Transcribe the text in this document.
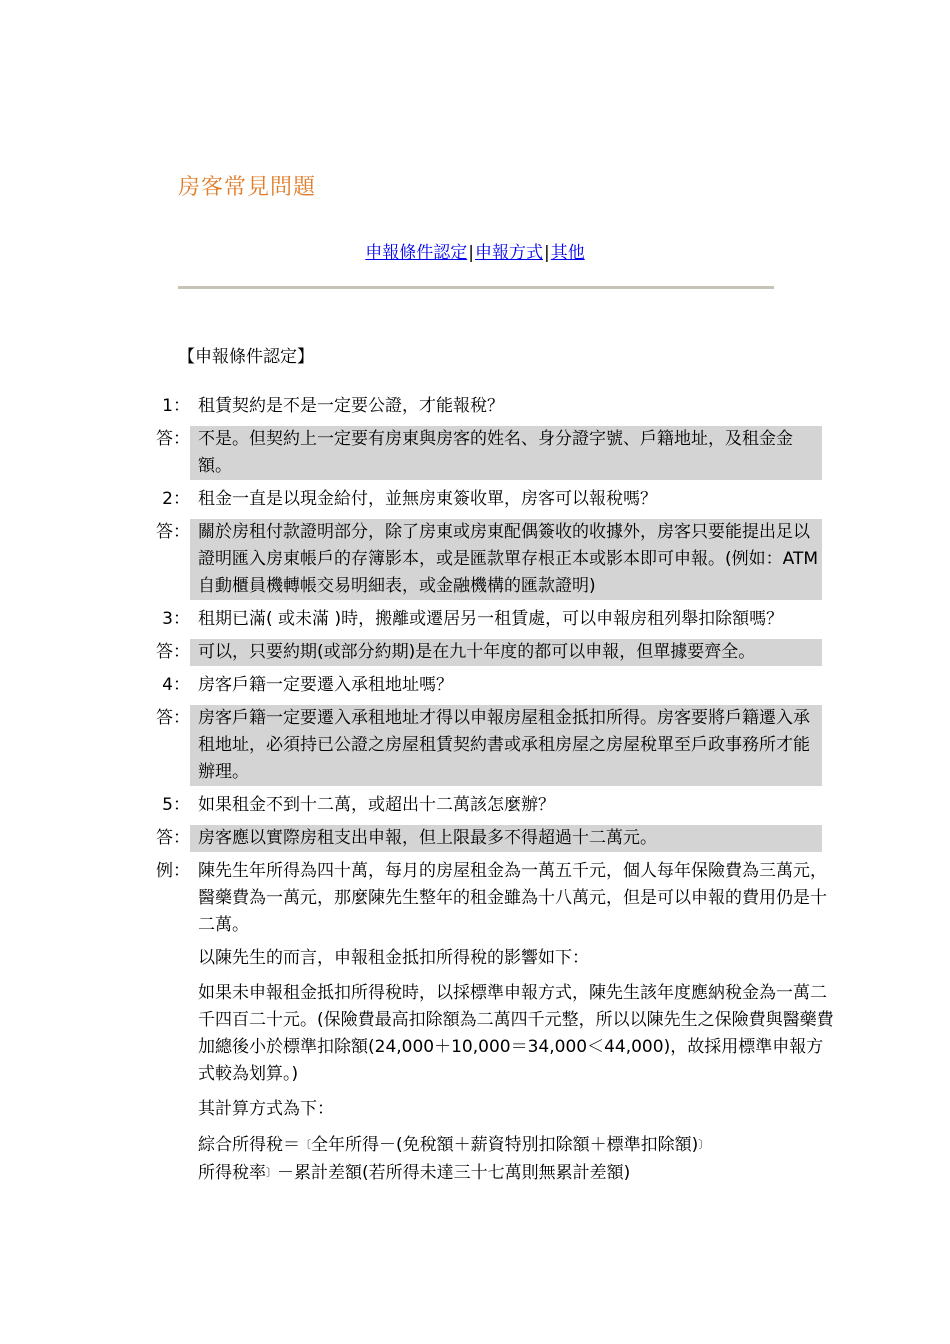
房客常見問題
申報條件認定|申報方式|其他
【申報條件認定】
1： 租賃契約是不是一定要公證，才能報稅？
答： 不是。但契約上一定要有房東與房客的姓名、身分證字號、戶籍地址，及租金金額。
2： 租金一直是以現金給付，並無房東簽收單，房客可以報稅嗎？
答： 關於房租付款證明部分，除了房東或房東配偶簽收的收據外，房客只要能提出足以證明匯入房東帳戶的存簿影本，或是匯款單存根正本或影本即可申報。(例如：ATM 自動櫃員機轉帳交易明細表，或金融機構的匯款證明)
3： 租期已滿( 或未滿 )時，搬離或遷居另一租賃處，可以申報房租列舉扣除額嗎？
答： 可以，只要約期(或部分約期)是在九十年度的都可以申報，但單據要齊全。
4： 房客戶籍一定要遷入承租地址嗎？
答： 房客戶籍一定要遷入承租地址才得以申報房屋租金抵扣所得。房客要將戶籍遷入承租地址，必須持已公證之房屋租賃契約書或承租房屋之房屋稅單至戶政事務所才能辦理。
5： 如果租金不到十二萬，或超出十二萬該怎麼辦？
答： 房客應以實際房租支出申報，但上限最多不得超過十二萬元。
例： 陳先生年所得為四十萬，每月的房屋租金為一萬五千元，個人每年保險費為三萬元，醫藥費為一萬元，那麼陳先生整年的租金雖為十八萬元，但是可以申報的費用仍是十二萬。
以陳先生的而言，申報租金抵扣所得稅的影響如下：
如果未申報租金抵扣所得稅時，以採標準申報方式，陳先生該年度應納稅金為一萬二千四百二十元。(保險費最高扣除額為二萬四千元整，所以以陳先生之保險費與醫藥費加總後小於標準扣除額(24,000＋10,000＝34,000＜44,000)，故採用標準申報方式較為划算。)
其計算方式為下：
綜合所得稅＝〔全年所得－(免稅額＋薪資特別扣除額＋標準扣除額)〕
所得稅率〕－累計差額(若所得未達三十七萬則無累計差額)
